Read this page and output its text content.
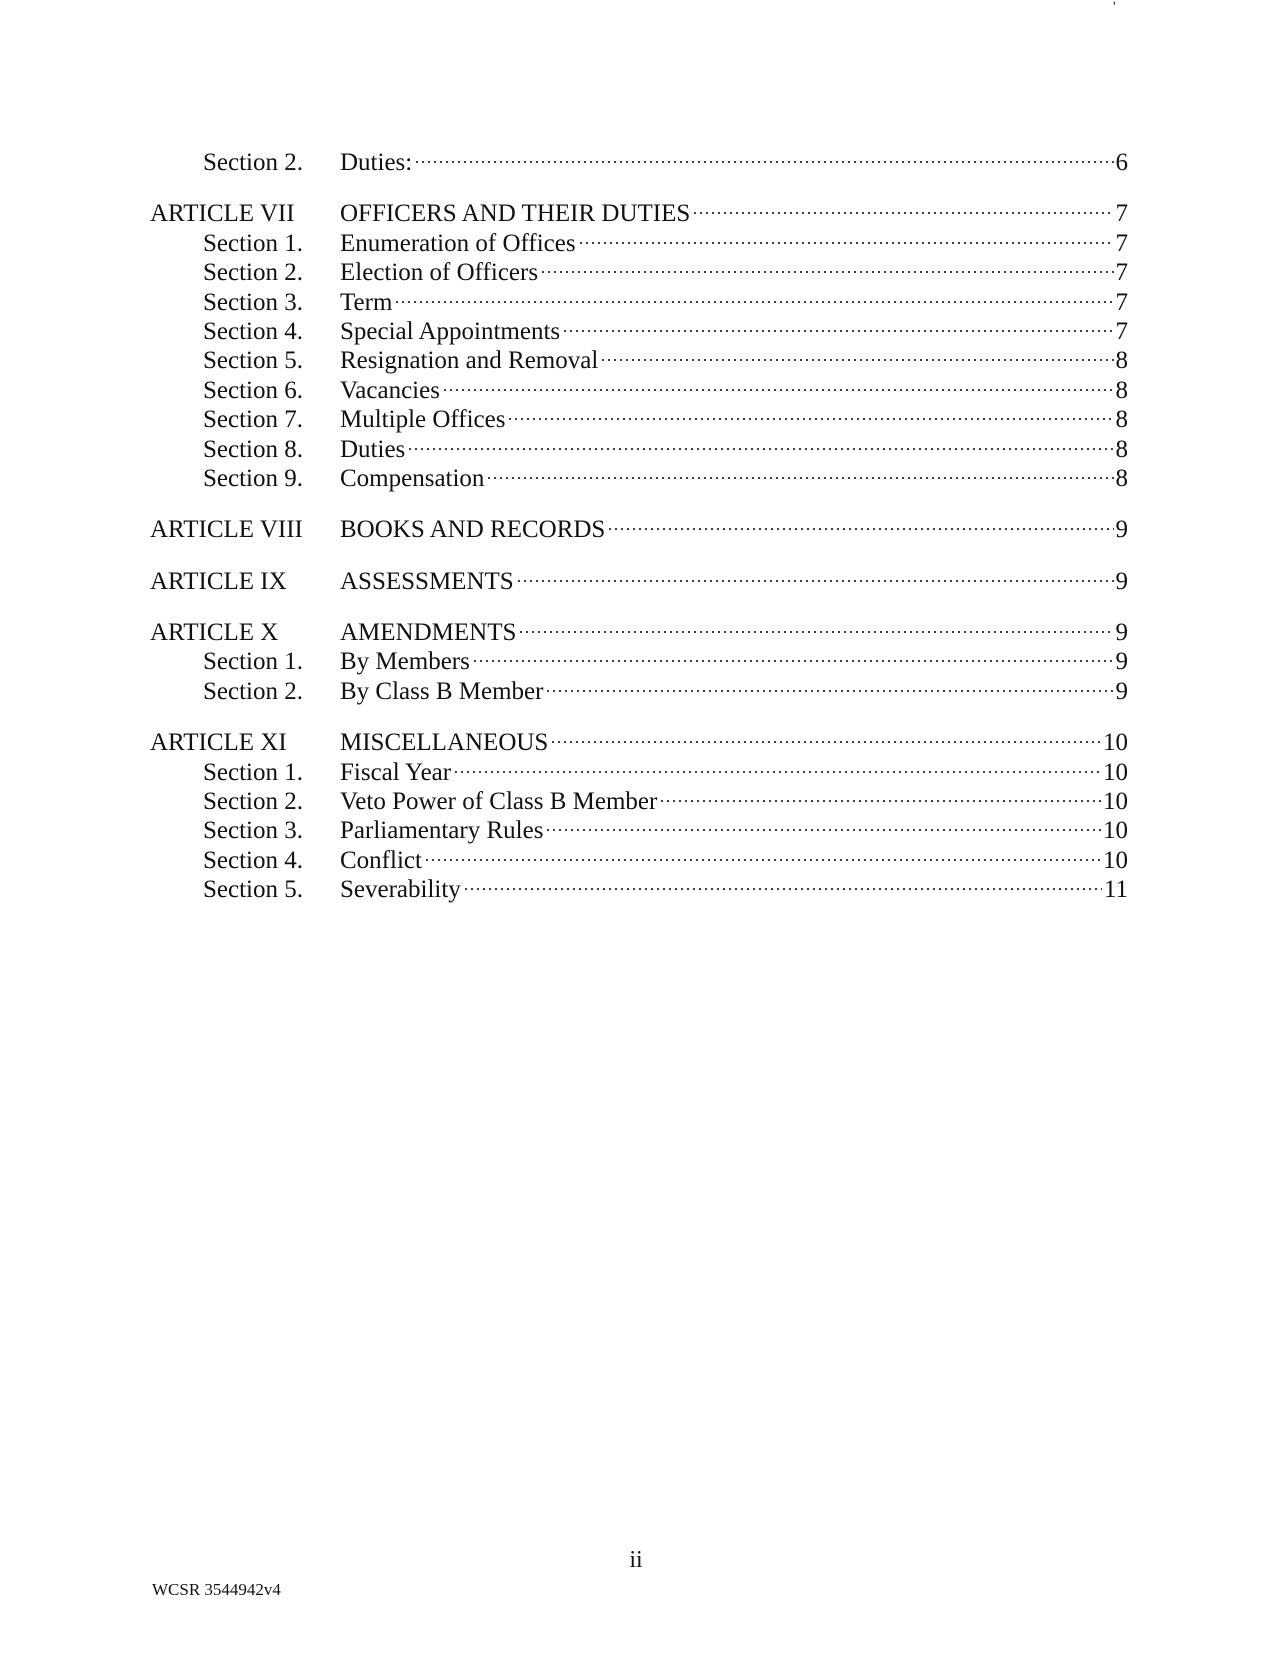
'
Section 2.	Duties:	6
ARTICLE VII	OFFICERS AND THEIR DUTIES	7
Section 1.	Enumeration of Offices	7
Section 2.	Election of Officers	7
Section 3.	Term	7
Section 4.	Special Appointments	7
Section 5.	Resignation and Removal	8
Section 6.	Vacancies	8
Section 7.	Multiple Offices	8
Section 8.	Duties	8
Section 9.	Compensation	8
ARTICLE VIII	BOOKS AND RECORDS	9
ARTICLE IX	ASSESSMENTS	9
ARTICLE X	AMENDMENTS	9
Section 1.	By Members	9
Section 2.	By Class B Member	9
ARTICLE XI	MISCELLANEOUS	10
Section 1.	Fiscal Year	10
Section 2.	Veto Power of Class B Member	10
Section 3.	Parliamentary Rules	10
Section 4.	Conflict	10
Section 5.	Severability	11
ii
WCSR 3544942v4
